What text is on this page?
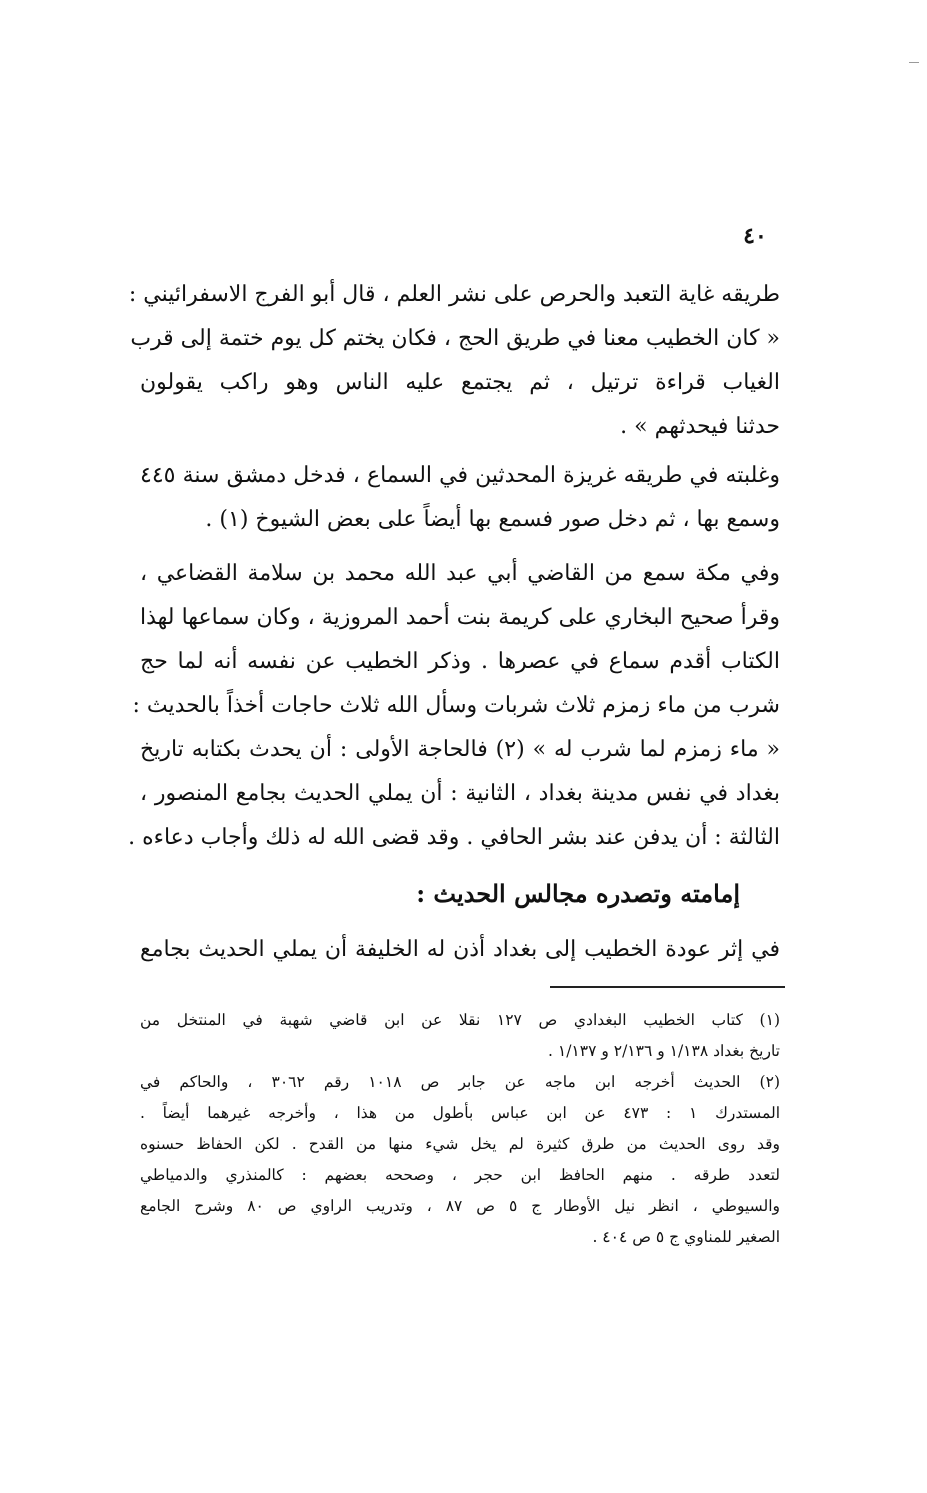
٤٠
طريقه غاية التعبد والحرص على نشر العلم ، قال أبو الفرج الاسفرائيني :
« كان الخطيب معنا في طريق الحج ، فكان يختم كل يوم ختمة إلى قرب
الغياب قراءة ترتيل ، ثم يجتمع عليه الناس وهو راكب يقولون
حدثنا فيحدثهم » .
وغلبته في طريقه غريزة المحدثين في السماع ، فدخل دمشق سنة ٤٤٥
وسمع بها ، ثم دخل صور فسمع بها أيضاً على بعض الشيوخ (١) .
وفي مكة سمع من القاضي أبي عبد الله محمد بن سلامة القضاعي ،
وقرأ صحيح البخاري على كريمة بنت أحمد المروزية ، وكان سماعها لهذا
الكتاب أقدم سماع في عصرها . وذكر الخطيب عن نفسه أنه لما حج
شرب من ماء زمزم ثلاث شربات وسأل الله ثلاث حاجات أخذاً بالحديث :
« ماء زمزم لما شرب له » (٢) فالحاجة الأولى : أن يحدث بكتابه تاريخ
بغداد في نفس مدينة بغداد ، الثانية : أن يملي الحديث بجامع المنصور ،
الثالثة : أن يدفن عند بشر الحافي . وقد قضى الله له ذلك وأجاب دعاءه .
إمامته وتصدره مجالس الحديث :
في إثر عودة الخطيب إلى بغداد أذن له الخليفة أن يملي الحديث بجامع
(١) كتاب الخطيب البغدادي ص ١٢٧ نقلا عن ابن قاضي شهبة في المنتخل من
تاريخ بغداد ١/١٣٨ و ٢/١٣٦ و ١/١٣٧ .
(٢) الحديث أخرجه ابن ماجه عن جابر ص ١٠١٨ رقم ٣٠٦٢ ، والحاكم في
المستدرك ١ : ٤٧٣ عن ابن عباس بأطول من هذا ، وأخرجه غيرهما أيضاً .
وقد روى الحديث من طرق كثيرة لم يخل شيء منها من القدح . لكن الحفاظ حسنوه
لتعدد طرقه . منهم الحافظ ابن حجر ، وصححه بعضهم : كالمنذري والدمياطي
والسيوطي ، انظر نيل الأوطار ج ٥ ص ٨٧ ، وتدريب الراوي ص ٨٠ وشرح الجامع
الصغير للمناوي ج ٥ ص ٤٠٤ .
